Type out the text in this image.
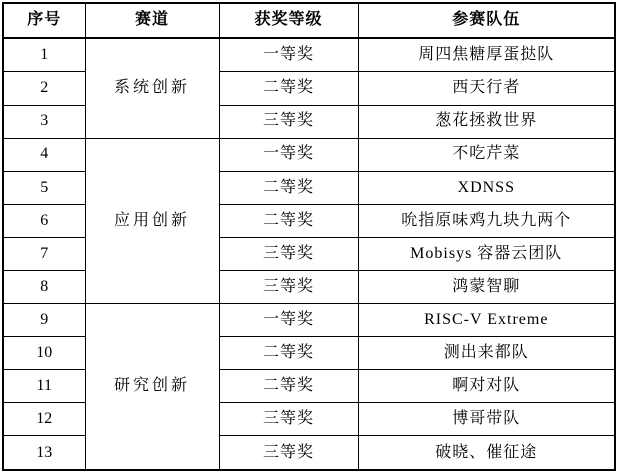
序号	赛道	获奖等级	参赛队伍
1	系统创新	一等奖	周四焦糖厚蛋挞队
2		二等奖	西天行者
3		三等奖	葱花拯救世界
4	应用创新	一等奖	不吃芹菜
5		二等奖	XDNSS
6		二等奖	吮指原味鸡九块九两个
7		三等奖	Mobisys 容器云团队
8		三等奖	鸿蒙智聊
9	研究创新	一等奖	RISC-V Extreme
10		二等奖	测出来都队
11		二等奖	啊对对队
12		三等奖	博哥带队
13		三等奖	破晓、催征途
